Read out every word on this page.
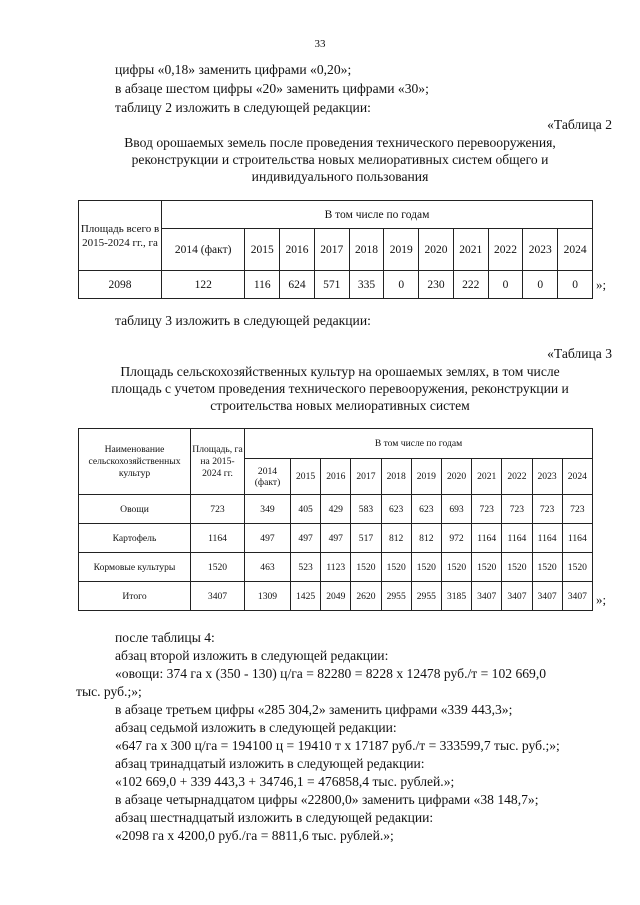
33
цифры «0,18» заменить цифрами «0,20»;
в абзаце шестом цифры «20» заменить цифрами «30»;
таблицу 2 изложить в следующей редакции:
«Таблица 2
Ввод орошаемых земель после проведения технического перевооружения,
реконструкции и строительства новых мелиоративных систем общего и
индивидуального пользования
Площадь всего в 2015-2024 гг., га	В том числе по годам										
	2014 (факт)	2015	2016	2017	2018	2019	2020	2021	2022	2023	2024
2098	122	116	624	571	335	0	230	222	0	0	0 »;
таблицу 3 изложить в следующей редакции:
«Таблица 3
Площадь сельскохозяйственных культур на орошаемых землях, в том числе
площадь с учетом проведения технического перевооружения, реконструкции и
строительства новых мелиоративных систем
Наименование сельскохозяйственных культур	Площадь, га на 2015-2024 гг.	В том числе по годам										
		2014 (факт)	2015	2016	2017	2018	2019	2020	2021	2022	2023	2024
Овощи	723	349	405	429	583	623	623	693	723	723	723	723
Картофель	1164	497	497	497	517	812	812	972	1164	1164	1164	1164
Кормовые культуры	1520	463	523	1123	1520	1520	1520	1520	1520	1520	1520	1520
Итого	3407	1309	1425	2049	2620	2955	2955	3185	3407	3407	3407	3407 »;
после таблицы 4:
абзац второй изложить в следующей редакции:
«овощи: 374 га х (350 - 130) ц/га = 82280 = 8228 х 12478 руб./т = 102 669,0
тыс. руб.;»;
в абзаце третьем цифры «285 304,2» заменить цифрами «339 443,3»;
абзац седьмой изложить в следующей редакции:
«647 га х 300 ц/га = 194100 ц = 19410 т х 17187 руб./т = 333599,7 тыс. руб.;»;
абзац тринадцатый изложить в следующей редакции:
«102 669,0 + 339 443,3 + 34746,1 = 476858,4 тыс. рублей.»;
в абзаце четырнадцатом цифры «22800,0» заменить цифрами «38 148,7»;
абзац шестнадцатый изложить в следующей редакции:
«2098 га х 4200,0 руб./га = 8811,6 тыс. рублей.»;
